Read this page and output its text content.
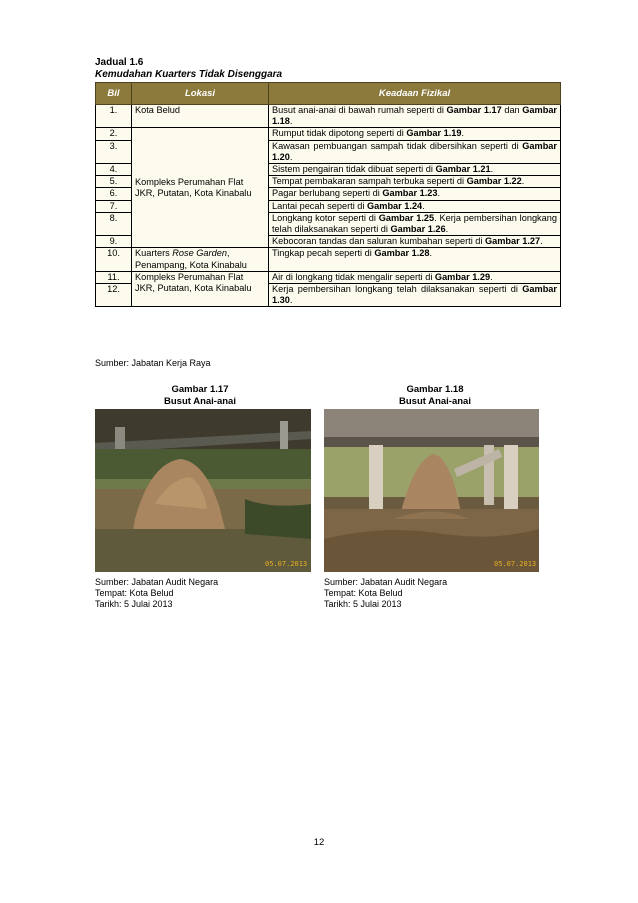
Jadual 1.6
Kemudahan Kuarters Tidak Disenggara
Bil	Lokasi	Keadaan Fizikal
1.	Kota Belud	Busut anai-anai di bawah rumah seperti di Gambar 1.17 dan Gambar 1.18.
2.	Kompleks Perumahan Flat JKR, Putatan, Kota Kinabalu	Rumput tidak dipotong seperti di Gambar 1.19.
3.		Kawasan pembuangan sampah tidak dibersihkan seperti di Gambar 1.20.
4.		Sistem pengairan tidak dibuat seperti di Gambar 1.21.
5.		Tempat pembakaran sampah terbuka seperti di Gambar 1.22.
6.		Pagar berlubang seperti di Gambar 1.23.
7.		Lantai pecah seperti di Gambar 1.24.
8.		Longkang kotor seperti di Gambar 1.25. Kerja pembersihan longkang telah dilaksanakan seperti di Gambar 1.26.
9.		Kebocoran tandas dan saluran kumbahan seperti di Gambar 1.27.
10.	Kuarters Rose Garden, Penampang, Kota Kinabalu	Tingkap pecah seperti di Gambar 1.28.
11.	Kompleks Perumahan Flat JKR, Putatan, Kota Kinabalu	Air di longkang tidak mengalir seperti di Gambar 1.29.
12.		Kerja pembersihan longkang telah dilaksanakan seperti di Gambar 1.30.
Sumber: Jabatan Kerja Raya
Gambar 1.17
Busut Anai-anai
05.07.2013
Sumber: Jabatan Audit Negara
Tempat: Kota Belud
Tarikh: 5 Julai 2013
Gambar 1.18
Busut Anai-anai
05.07.2013
Sumber: Jabatan Audit Negara
Tempat: Kota Belud
Tarikh: 5 Julai 2013
12
